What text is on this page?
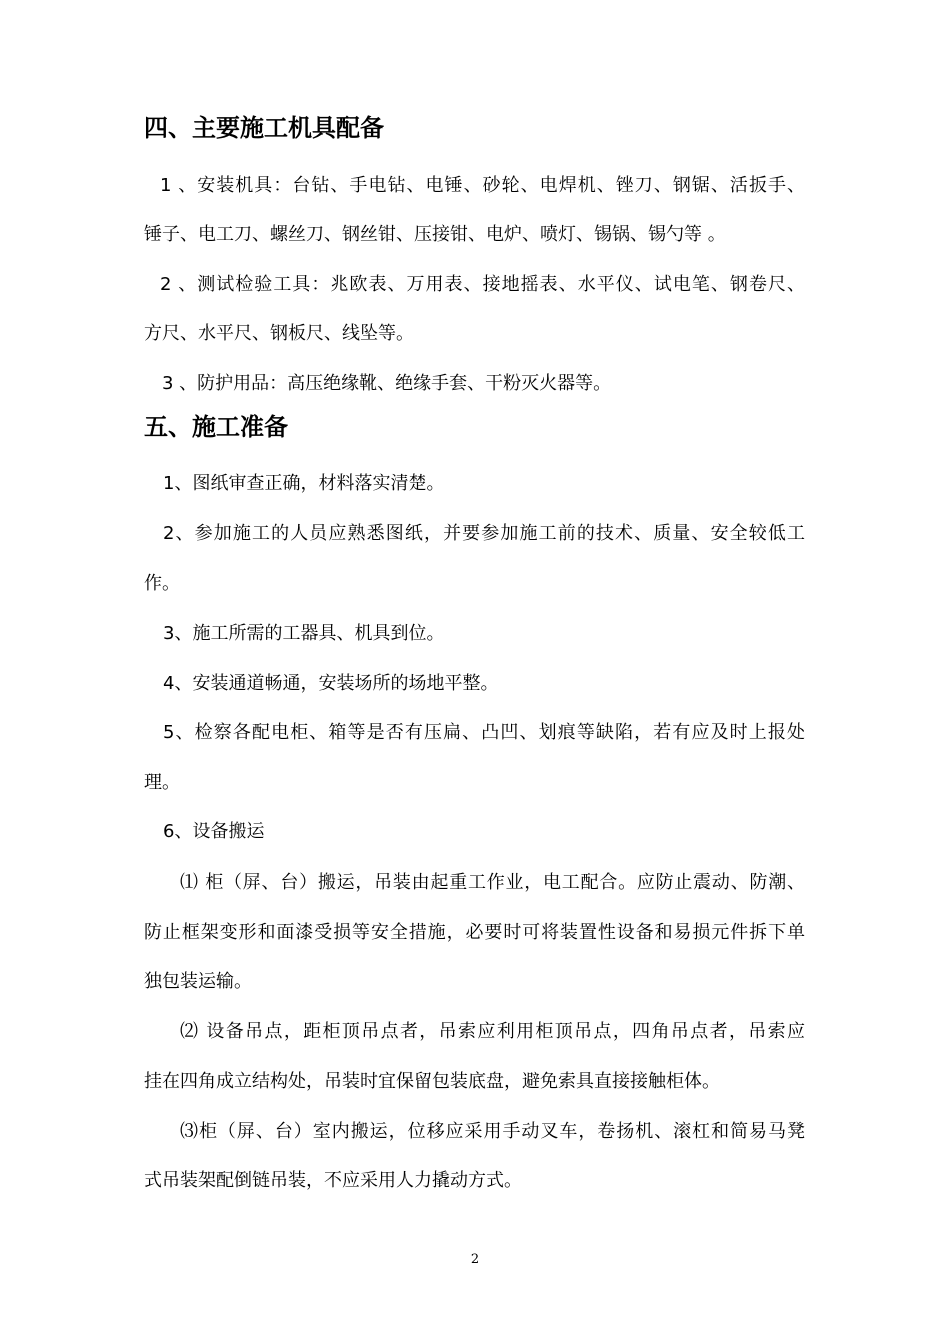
四、主要施工机具配备
1 、安装机具：台钻、手电钻、电锤、砂轮、电焊机、锉刀、钢锯、活扳手、
锤子、电工刀、螺丝刀、钢丝钳、压接钳、电炉、喷灯、锡锅、锡勺等 。
2 、测试检验工具：兆欧表、万用表、接地摇表、水平仪、试电笔、钢卷尺、
方尺、水平尺、钢板尺、线坠等。
3 、防护用品：高压绝缘靴、绝缘手套、干粉灭火器等。
五、施工准备
1、图纸审查正确，材料落实清楚。
2、参加施工的人员应熟悉图纸，并要参加施工前的技术、质量、安全较低工
作。
3、施工所需的工器具、机具到位。
4、安装通道畅通，安装场所的场地平整。
5、检察各配电柜、箱等是否有压扁、凸凹、划痕等缺陷，若有应及时上报处
理。
6、设备搬运
⑴ 柜（屏、台）搬运，吊装由起重工作业，电工配合。应防止震动、防潮、
防止框架变形和面漆受损等安全措施，必要时可将装置性设备和易损元件拆下单
独包装运输。
⑵ 设备吊点，距柜顶吊点者，吊索应利用柜顶吊点，四角吊点者，吊索应
挂在四角成立结构处，吊装时宜保留包装底盘，避免索具直接接触柜体。
⑶柜（屏、台）室内搬运，位移应采用手动叉车，卷扬机、滚杠和简易马凳
式吊装架配倒链吊装，不应采用人力撬动方式。
2
